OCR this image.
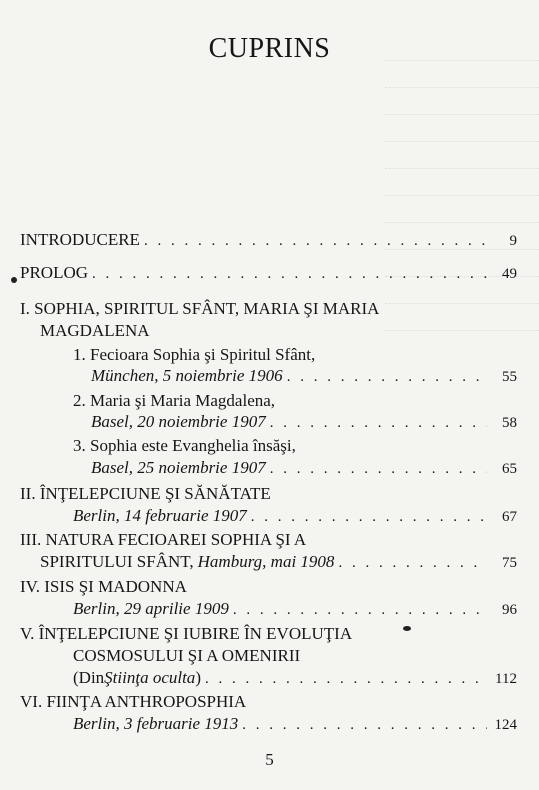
CUPRINS
INTRODUCERE . . .	9
PROLOG . . .	49
I. SOPHIA, SPIRITUL SFÂNT, MARIA ŞI MARIA
MAGDALENA
1. Fecioara Sophia şi Spiritul Sfânt,
München, 5 noiembrie 1906 . . .	55
2. Maria şi Maria Magdalena,
Basel, 20 noiembrie 1907 . . .	58
3. Sophia este Evanghelia însăşi,
Basel, 25 noiembrie 1907 . . .	65
II. ÎNŢELEPCIUNE ŞI SĂNĂTATE
Berlin, 14 februarie 1907 . . .	67
III. NATURA FECIOAREI SOPHIA ŞI A
SPIRITULUI SFÂNT, Hamburg, mai 1908 . . .	75
IV. ISIS ŞI MADONNA
Berlin, 29 aprilie 1909 . . .	96
V. ÎNŢELEPCIUNE ŞI IUBIRE ÎN EVOLUŢIA
COSMOSULUI ŞI A OMENIRII
(Din Ştiinţa oculta ) . . .	112
VI. FIINŢA ANTHROPOSPHIA
Berlin, 3 februarie 1913 . . .	124
5
